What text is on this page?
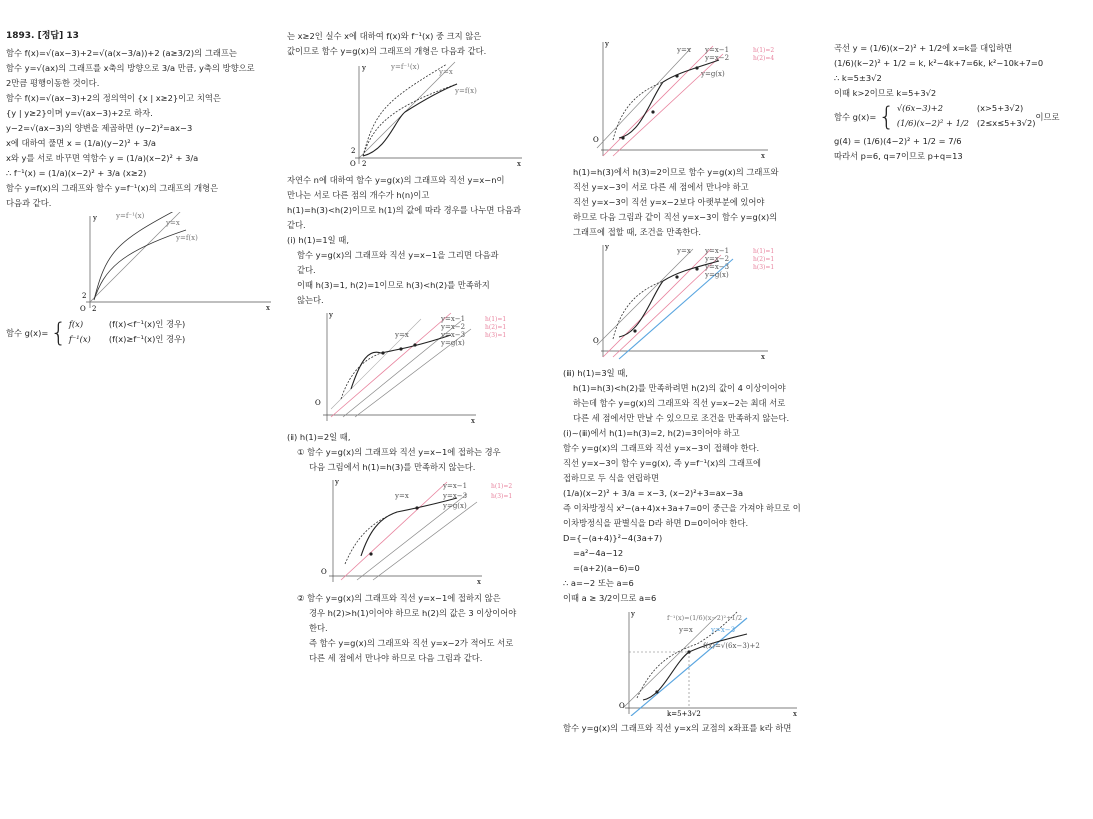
1893. [정답] 13
함수 f(x)=√(ax−3)+2=√(a(x−3/a))+2 (a≥3/2)의 그래프는
함수 y=√(ax)의 그래프를 x축의 방향으로 3/a 만큼, y축의 방향으로
2만큼 평행이동한 것이다.
함수 f(x)=√(ax−3)+2의 정의역이 {x | x≥2}이고 치역은
{y | y≥2}이며 y=√(ax−3)+2로 하자.
y−2=√(ax−3)의 양변을 제곱하면 (y−2)²=ax−3
x에 대하여 풀면 x = (1/a)(y−2)² + 3/a
x와 y를 서로 바꾸면 역함수 y = (1/a)(x−2)² + 3/a
∴ f⁻¹(x) = (1/a)(x−2)² + 3/a (x≥2)
함수 y=f(x)의 그래프와 함수 y=f⁻¹(x)의 그래프의 개형은
다음과 같다.
y=f⁻¹(x)
y=x
y=f(x)
O 2
2
x
y
함수 g(x)= { f(x)	(f(x)<f⁻¹(x)인 경우)
f⁻¹(x) (f(x)≥f⁻¹(x)인 경우)
는 x≥2인 실수 x에 대하여 f(x)와 f⁻¹(x) 중 크지 않은
값이므로 함수 y=g(x)의 그래프의 개형은 다음과 같다.
y=f⁻¹(x)
y=x
y=f(x)
O 2
2
x
y
자연수 n에 대하여 함수 y=g(x)의 그래프와 직선 y=x−n이
만나는 서로 다른 점의 개수가 h(n)이고
h(1)=h(3)<h(2)이므로 h(1)의 값에 따라 경우를 나누면 다음과
같다.
(ⅰ) h(1)=1일 때,
함수 y=g(x)의 그래프와 직선 y=x−1을 그리면 다음과
같다.
이때 h(3)=1, h(2)=1이므로 h(3)<h(2)를 만족하지
않는다.
y=x−1
y=x−2
y=x−3
y=g(x)
y=x
h(1)=1
h(2)=1
h(3)=1
O
x
y
(ⅱ) h(1)=2일 때,
① 함수 y=g(x)의 그래프와 직선 y=x−1에 접하는 경우
다음 그림에서 h(1)=h(3)를 만족하지 않는다.
y=x−1
y=x−3
y=g(x)
y=x
h(1)=2
h(3)=1
O
x
y
② 함수 y=g(x)의 그래프와 직선 y=x−1에 접하지 않은
경우 h(2)>h(1)이어야 하므로 h(2)의 값은 3 이상이어야
한다.
즉 함수 y=g(x)의 그래프와 직선 y=x−2가 적어도 서로
다른 세 점에서 만나야 하므로 다음 그림과 같다.
y=x−1
y=x−2
y=g(x)
y=x	h(1)=2
h(2)=4
O
x
y
h(1)=h(3)에서 h(3)=2이므로 함수 y=g(x)의 그래프와
직선 y=x−3이 서로 다른 세 점에서 만나야 하고
직선 y=x−3이 직선 y=x−2보다 아랫부분에 있어야
하므로 다음 그림과 같이 직선 y=x−3이 함수 y=g(x)의
그래프에 접할 때, 조건을 만족한다.
y=x−1
y=x−2
y=x−3
y=g(x)
y=x	h(1)=1
h(2)=1
h(3)=1
O
x
y
(ⅲ) h(1)=3일 때,
h(1)=h(3)<h(2)를 만족하려면 h(2)의 값이 4 이상이어야
하는데 함수 y=g(x)의 그래프와 직선 y=x−2는 최대 서로
다른 세 점에서만 만날 수 있으므로 조건을 만족하지 않는다.
(ⅰ)~(ⅲ)에서 h(1)=h(3)=2, h(2)=3이어야 하고
함수 y=g(x)의 그래프와 직선 y=x−3이 접해야 한다.
직선 y=x−3이 함수 y=g(x), 즉 y=f⁻¹(x)의 그래프에
접하므로 두 식을 연립하면
(1/a)(x−2)² + 3/a = x−3, (x−2)²+3=ax−3a
즉 이차방정식 x²−(a+4)x+3a+7=0이 중근을 가져야 하므로 이
이차방정식을 판별식을 D라 하면 D=0이어야 한다.
D={−(a+4)}²−4(3a+7)
=a²−4a−12
=(a+2)(a−6)=0
∴ a=−2 또는 a=6
이때 a ≥ 3/2이므로 a=6
f⁻¹(x)=(1/6)(x−2)²+1/2
y=x	y=x−3
f(x)=√(6x−3)+2
k=5+3√2
O
x
y
함수 y=g(x)의 그래프와 직선 y=x의 교점의 x좌표를 k라 하면
곡선 y = (1/6)(x−2)² + 1/2에 x=k를 대입하면
(1/6)(k−2)² + 1/2 = k, k²−4k+7=6k, k²−10k+7=0
∴ k=5±3√2
이때 k>2이므로 k=5+3√2
함수 g(x)= { √(6x−3)+2	(x>5+3√2)
(1/6)(x−2)² + 1/2 (2≤x≤5+3√2)
이므로
g(4) = (1/6)(4−2)² + 1/2 = 7/6
따라서 p=6, q=7이므로 p+q=13
